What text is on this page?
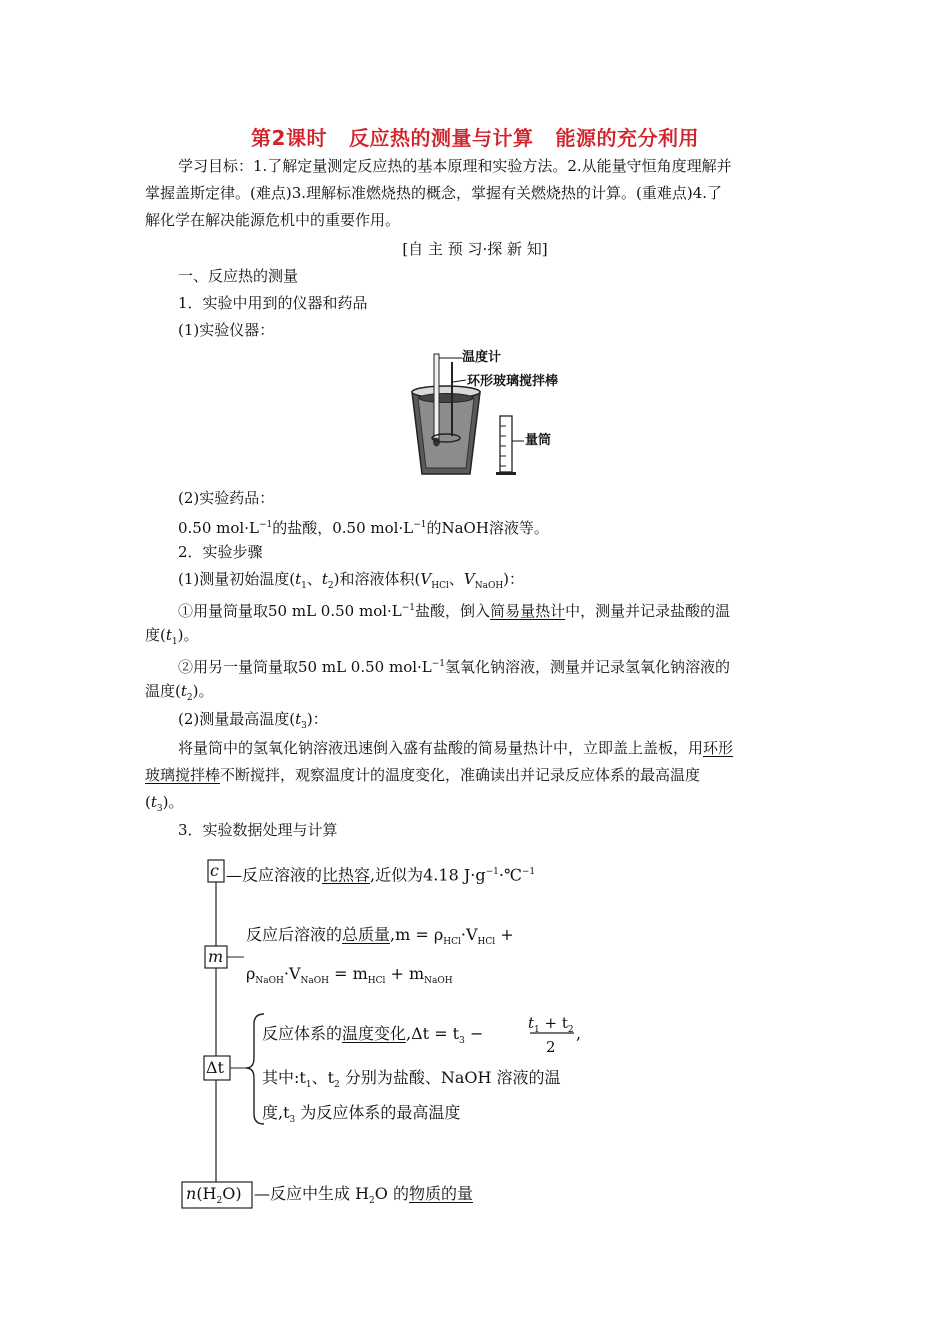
第2课时 反应热的测量与计算 能源的充分利用
学习目标：1.了解定量测定反应热的基本原理和实验方法。2.从能量守恒角度理解并
掌握盖斯定律。(难点)3.理解标准燃烧热的概念，掌握有关燃烧热的计算。(重难点)4.了
解化学在解决能源危机中的重要作用。
[自 主 预 习·探 新 知]
一、反应热的测量
1．实验中用到的仪器和药品
(1)实验仪器：
温度计
环形玻璃搅拌棒
量筒
(2)实验药品：
0.50 $mol\cdot L^{-1}$的盐酸，0.50 $mol\cdot L^{-1}$的NaOH溶液等。
2．实验步骤
(1)测量初始温度($t_1$、$t_2$)和溶液体积($V_{HCl}$、$V_{NaOH}$)：
①用量筒量取50 mL 0.50 $mol\cdot L^{-1}$盐酸，倒入简易量热计中，测量并记录盐酸的温
度$(t_1)$。
②用另一量筒量取50 mL 0.50 $mol\cdot L^{-1}$氢氧化钠溶液，测量并记录氢氧化钠溶液的
温度$(t_2)$。
(2)测量最高温度$(t_3)$：
将量筒中的氢氧化钠溶液迅速倒入盛有盐酸的简易量热计中，立即盖上盖板，用环形
玻璃搅拌棒不断搅拌，观察温度计的温度变化，准确读出并记录反应体系的最高温度
$(t_3)$。
3．实验数据处理与计算
c —反应溶液的比热容,近似为4.18 $J\cdot g^{-1}\cdot℃^{-1}$
m
反应后溶液的总质量$,m = \rho_{HCl}\cdot V_{HCl}$ +
$\rho_{NaOH}\cdot V_{NaOH} = m_{HCl} + m_{NaOH}$
Δt
反应体系的温度变化$,\Delta t = t_3$ −
$t_1 + t_2$
2
,
其中$:t_1$、$t_2$ 分别为盐酸、NaOH 溶液的温
度$,t_3$ 为反应体系的最高温度
$n(H_2O)$ —反应中生成 $H_2O$ 的物质的量
